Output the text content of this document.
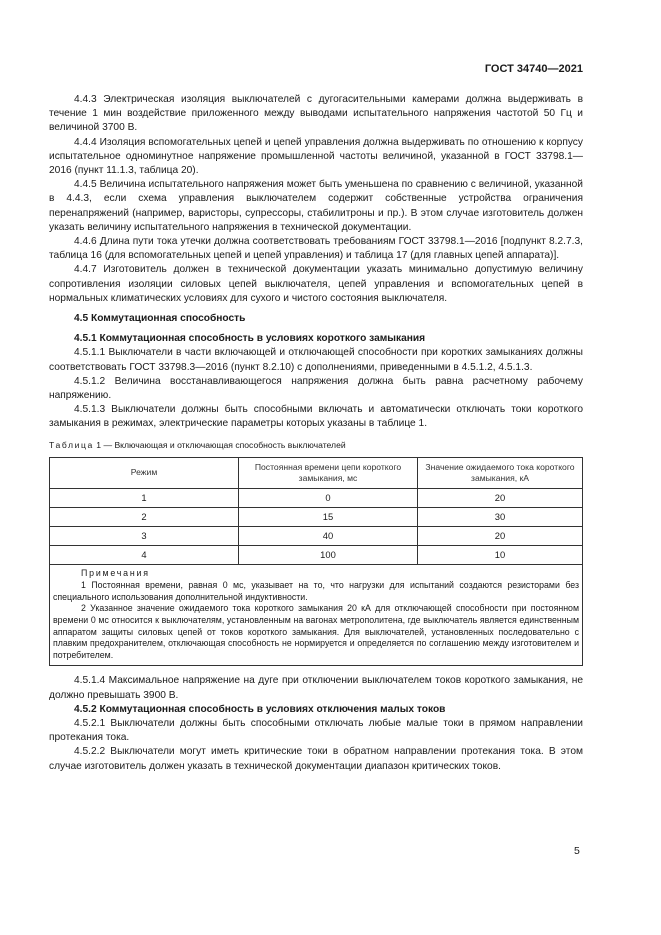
ГОСТ 34740—2021

4.4.3 Электрическая изоляция выключателей с дугогасительными камерами должна выдерживать в течение 1 мин воздействие приложенного между выводами испытательного напряжения частотой 50 Гц и величиной 3700 В.

4.4.4 Изоляция вспомогательных цепей и цепей управления должна выдерживать по отношению к корпусу испытательное одноминутное напряжение промышленной частоты величиной, указанной в ГОСТ 33798.1—2016 (пункт 11.1.3, таблица 20).

4.4.5 Величина испытательного напряжения может быть уменьшена по сравнению с величиной, указанной в 4.4.3, если схема управления выключателем содержит собственные устройства ограничения перенапряжений (например, варисторы, супрессоры, стабилитроны и пр.). В этом случае изготовитель должен указать величину испытательного напряжения в технической документации.

4.4.6 Длина пути тока утечки должна соответствовать требованиям ГОСТ 33798.1—2016 [подпункт 8.2.7.3, таблица 16 (для вспомогательных цепей и цепей управления) и таблица 17 (для главных цепей аппарата)].

4.4.7 Изготовитель должен в технической документации указать минимально допустимую величину сопротивления изоляции силовых цепей выключателя, цепей управления и вспомогательных цепей в нормальных климатических условиях для сухого и чистого состояния выключателя.

4.5 Коммутационная способность

4.5.1 Коммутационная способность в условиях короткого замыкания

4.5.1.1 Выключатели в части включающей и отключающей способности при коротких замыканиях должны соответствовать ГОСТ 33798.3—2016 (пункт 8.2.10) с дополнениями, приведенными в 4.5.1.2, 4.5.1.3.

4.5.1.2 Величина восстанавливающегося напряжения должна быть равна расчетному рабочему напряжению.

4.5.1.3 Выключатели должны быть способными включать и автоматически отключать токи короткого замыкания в режимах, электрические параметры которых указаны в таблице 1.

Таблица 1 — Включающая и отключающая способность выключателей
Режим	Постоянная времени цепи короткого замыкания, мс	Значение ожидаемого тока короткого замыкания, кА
1	0	20
2	15	30
3	40	20
4	100	10

Примечания

1 Постоянная времени, равная 0 мс, указывает на то, что нагрузки для испытаний создаются резисторами без специального использования дополнительной индуктивности.

2 Указанное значение ожидаемого тока короткого замыкания 20 кА для отключающей способности при постоянном времени 0 мс относится к выключателям, установленным на вагонах метрополитена, где выключатель является единственным аппаратом защиты силовых цепей от токов короткого замыкания. Для выключателей, установленных последовательно с плавким предохранителем, отключающая способность не нормируется и определяется по соглашению между изготовителем и потребителем.		

4.5.1.4 Максимальное напряжение на дуге при отключении выключателем токов короткого замыкания, не должно превышать 3900 В.

4.5.2 Коммутационная способность в условиях отключения малых токов

4.5.2.1 Выключатели должны быть способными отключать любые малые токи в прямом направлении протекания тока.

4.5.2.2 Выключатели могут иметь критические токи в обратном направлении протекания тока. В этом случае изготовитель должен указать в технической документации диапазон критических токов.

5
